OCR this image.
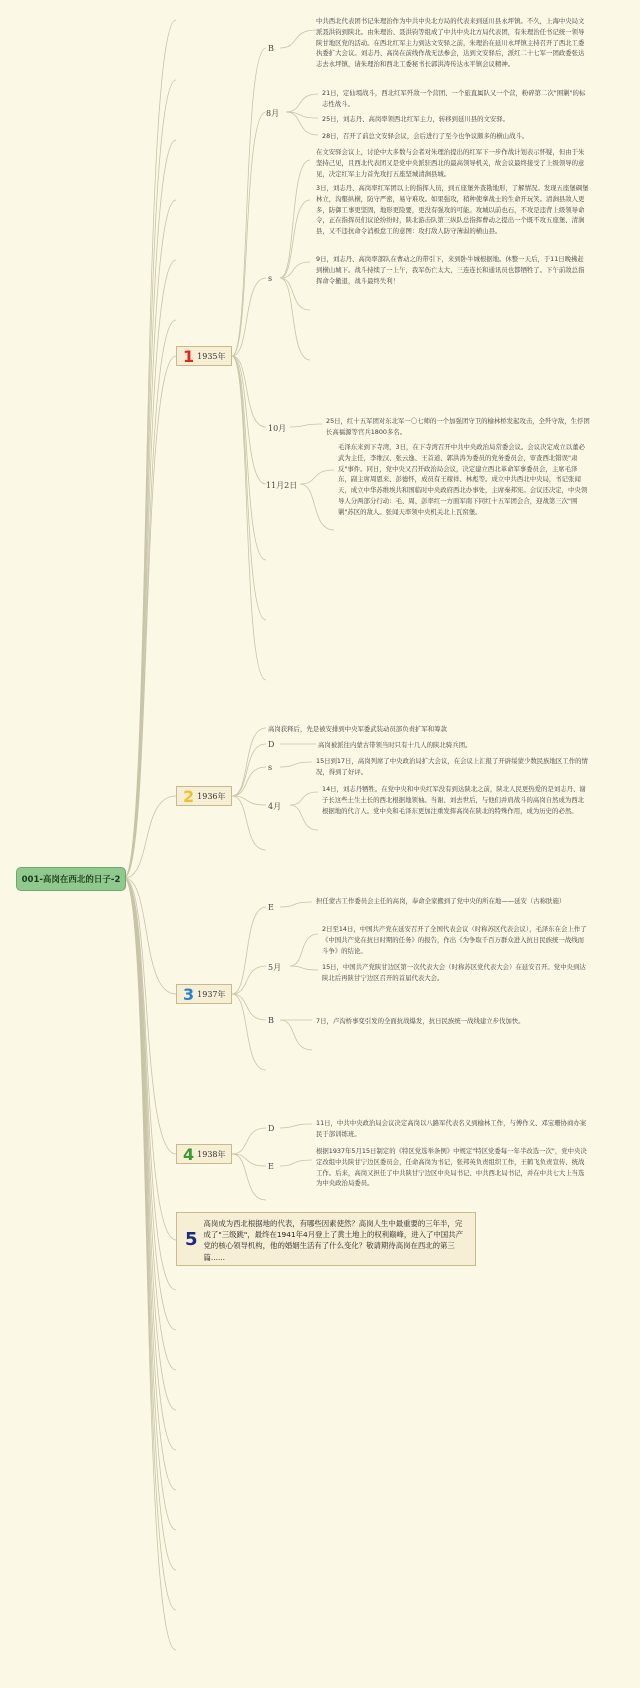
001-高岗在西北的日子-2
1 1935年
2 1936年
3 1937年
4 1938年
B
8月
s
10月
11月2日
D
s
4月
E
5月
B
D
E
中共西北代表团书记朱理治作为中共中央北方局的代表来到延川县永坪镇。不久，上海中央局文派聂洪钧到陕北。由朱理治、聂洪钧等组成了中共中央北方局代表团，有朱理治任书记统一领导陕甘地区党的活动。在西北红军主力到达文安驿之前，朱理治在延川永坪镇主持召开了西北工委执委扩大会议。刘志丹、高岗在前线作战无法参会，达到文安驿后，派红二十七军一团政委张达志去永坪镇，请朱理治和西北工委秘书长郭洪涛传达永平镇会议精神。
21日，定仙墕战斗，西北红军歼敌一个营团、一个旅直属队又一个营，粉碎第二次"围剿"的标志性战斗。
25日，刘志丹、高岗率领西北红军主力，转移到延川县的文安驿。
28日，召开了前总文安驿会议，会后进行了至今也争议颇多的横山战斗。
在文安驿会议上，讨论中大多数与会者对朱理治提出的红军下一步作战计划表示怀疑，但由于朱坚持己见，且西北代表团又是党中央派驻西北的最高领导机关，故会议最终接受了上级领导的意见，决定红军主力首先攻打五座坚城清涧县城。
3日，刘志丹、高岗率红军团以上的指挥人员，到五座堡外查勘地形，了解情况。发现五座堡碉堡林立，沟壑纵横，防守严密，易守难攻。如果强攻，稍种使拿战士的生命开玩笑。清涧县敌人更多，防御工事更坚固，地形更险要，更没有强攻的可能。攻城以前也石，不攻是违背上级领导命令，正在指挥员们议论纷纷时，陕北游击队第三纵队总指挥曹动之提出一个既不攻五座堡、清涧县，又不违抗命令消极怠工的意图：攻打敌人防守薄弱的横山县。
9日，刘志丹、高岗率部队在曹动之的带引下，来到卧牛城根据地。休整一天后，于11日晚拂赶到横山城下。战斗持续了一上午，我军伤亡太大，三连连长和通讯员也都牺牲了。下午前敌总指挥命令撤退，战斗最终失利！
25日，红十五军团对东北军一〇七师的一个加强团守卫的榆林桥发起攻击，全歼守敌，生俘团长高福源等官兵1800多名。
毛泽东来到下寺湾，3日，在下寺湾召开中共中央政治局常委会议。会议决定成立以董必武为主任，李维汉、张云逸、王首道、郭洪涛为委员的党务委员会，审查西北错误"肃反"事件。同日，党中央又召开政治局会议，决定建立西北革命军事委员会，主席毛泽东，副主席周恩来、彭德怀，成员有王稼祥、林彪等。成立中共西北中央局，书记张闻天，成立中华苏维埃共和国临时中央政府西北办事处，主席秦邦宪。会议还决定，中央领导人分两部分行动：毛、周、彭率红一方面军南下同红十五军团会合，迎战第三次"围剿"苏区的敌人。张闻天率领中央机关北上瓦窑堡。
高岗获释后，先是被安排到中央军委武装动员部负责扩军和筹款
高岗被派往内蒙古带领当时只有十几人的陕北骑兵团。
15日到17日，高岗列席了中央政治局扩大会议，在会议上汇报了开辟绥蒙少数民族地区工作的情况，得到了好评。
14日，刘志丹牺牲。在党中央和中央红军没有到达陕北之前，陕北人民更热爱的是刘志丹、谢子长这些土生土长的西北根据地领袖。当谢、刘去世后，与他们并肩战斗的高岗自然成为西北根据地的代言人。党中央和毛泽东更加注重发挥高岗在陕北的特殊作用，成为历史的必然。
担任蒙古工作委员会主任的高岗，奉命全家搬到了党中央的所在地——延安（古称肤施）
2日至14日，中国共产党在延安召开了全国代表会议（时称苏区代表会议），毛泽东在会上作了《中国共产党在抗日时期的任务》的报告，作出《为争取千百万群众进入抗日民族统一战线而斗争》的结论。
15日，中国共产党陕甘边区第一次代表大会（时称苏区党代表大会）在延安召开。党中央到达陕北后再陕甘宁边区召开的首届代表大会。
7日，卢沟桥事变引发的全面抗战爆发，抗日民族统一战线建立步伐加快。
11日，中共中央政治局会议决定高岗以八路军代表名义到榆林工作，与傅作义、邓宝珊协商办案民于部训练班。
根据1937年5月15日制定的《特区党选举条例》中规定"特区党委每一年半改选一次"，党中央决定改组中共陕甘宁边区委员会，任命高岗为书记，张邦英负责组织工作，王鹤飞负责宣传、统战工作。后来，高岗又担任了中共陕甘宁边区中央局书记、中共西北局书记，并在中共七大上当选为中央政治局委员。
5
高岗成为西北根据地的代表，有哪些因素使然？高岗人生中最重要的三年半，完成了"三级跳"，最终在1941年4月登上了黄土地上的权利巅峰，进入了中国共产党的核心领导机构，他的婚姻生活有了什么变化？敬请期待高岗在西北的第三篇......
